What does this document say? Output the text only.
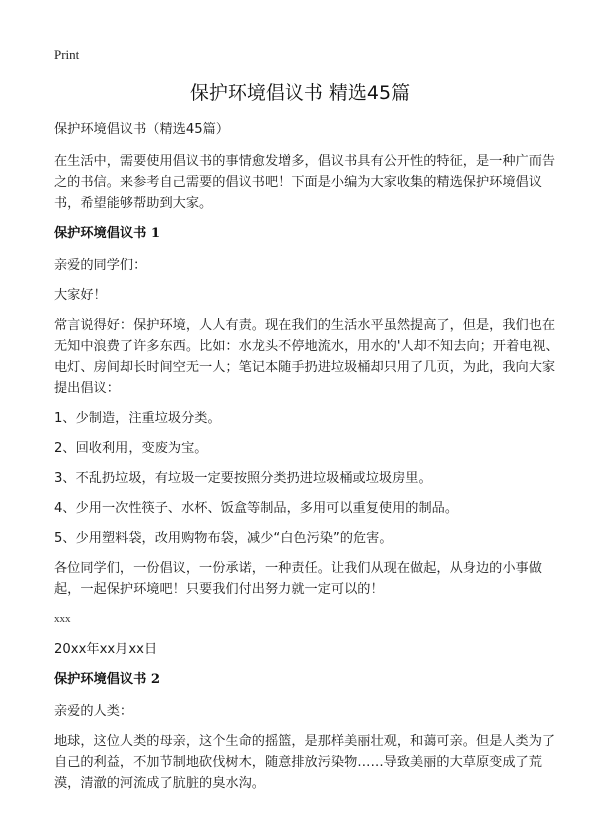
Print
保护环境倡议书 精选45篇

保护环境倡议书（精选45篇）

在生活中，需要使用倡议书的事情愈发增多，倡议书具有公开性的特征，是一种广而告之的书信。来参考自己需要的倡议书吧！下面是小编为大家收集的精选保护环境倡议书，希望能够帮助到大家。

保护环境倡议书 1

亲爱的同学们：

大家好！

常言说得好：保护环境，人人有责。现在我们的生活水平虽然提高了，但是，我们也在无知中浪费了许多东西。比如：水龙头不停地流水，用水的'人却不知去向；开着电视、电灯、房间却长时间空无一人；笔记本随手扔进垃圾桶却只用了几页，为此，我向大家提出倡议：

1、少制造，注重垃圾分类。

2、回收利用，变废为宝。

3、不乱扔垃圾，有垃圾一定要按照分类扔进垃圾桶或垃圾房里。

4、少用一次性筷子、水杯、饭盒等制品，多用可以重复使用的制品。

5、少用塑料袋，改用购物布袋，减少“白色污染”的危害。

各位同学们，一份倡议，一份承诺，一种责任。让我们从现在做起，从身边的小事做起，一起保护环境吧！只要我们付出努力就一定可以的！

xxx

20xx年xx月xx日

保护环境倡议书 2

亲爱的人类：

地球，这位人类的母亲，这个生命的摇篮，是那样美丽壮观，和蔼可亲。但是人类为了自己的利益，不加节制地砍伐树木，随意排放污染物……导致美丽的大草原变成了荒漠，清澈的河流成了肮脏的臭水沟。
